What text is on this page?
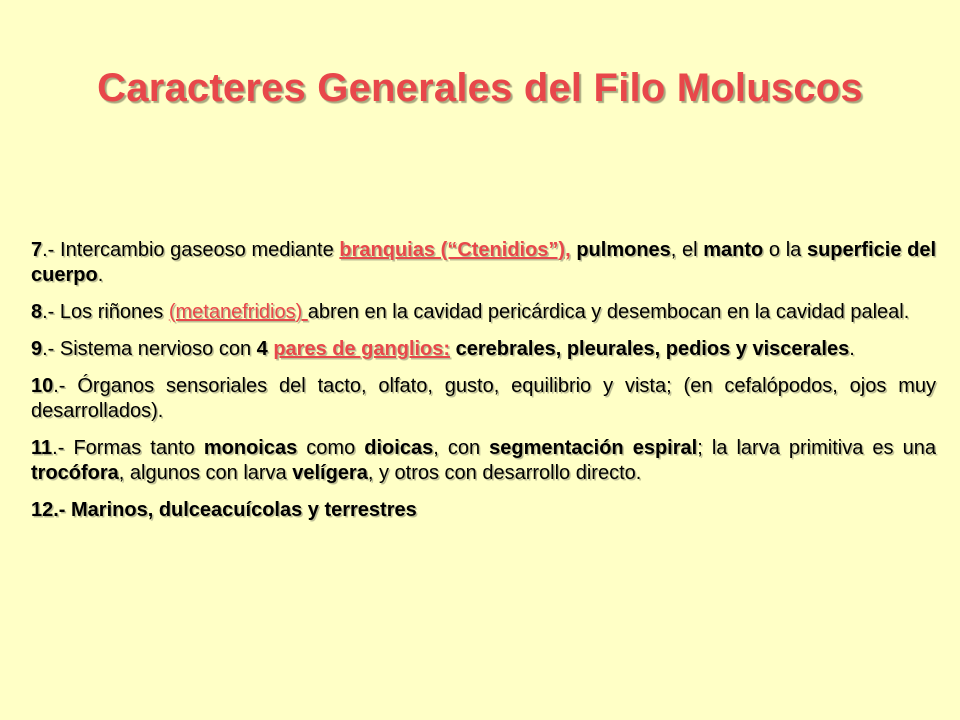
Caracteres Generales del Filo Moluscos

7.- Intercambio gaseoso mediante branquias (“Ctenidios”), pulmones, el manto o la superficie del cuerpo.

8.- Los riñones (metanefridios) abren en la cavidad pericárdica y desembocan en la cavidad paleal.

9.- Sistema nervioso con 4 pares de ganglios: cerebrales, pleurales, pedios y viscerales.

10.- Órganos sensoriales del tacto, olfato, gusto, equilibrio y vista; (en cefalópodos, ojos muy desarrollados).

11.- Formas tanto monoicas como dioicas, con segmentación espiral; la larva primitiva es una trocófora, algunos con larva velígera, y otros con desarrollo directo.

12.- Marinos, dulceacuícolas y terrestres
